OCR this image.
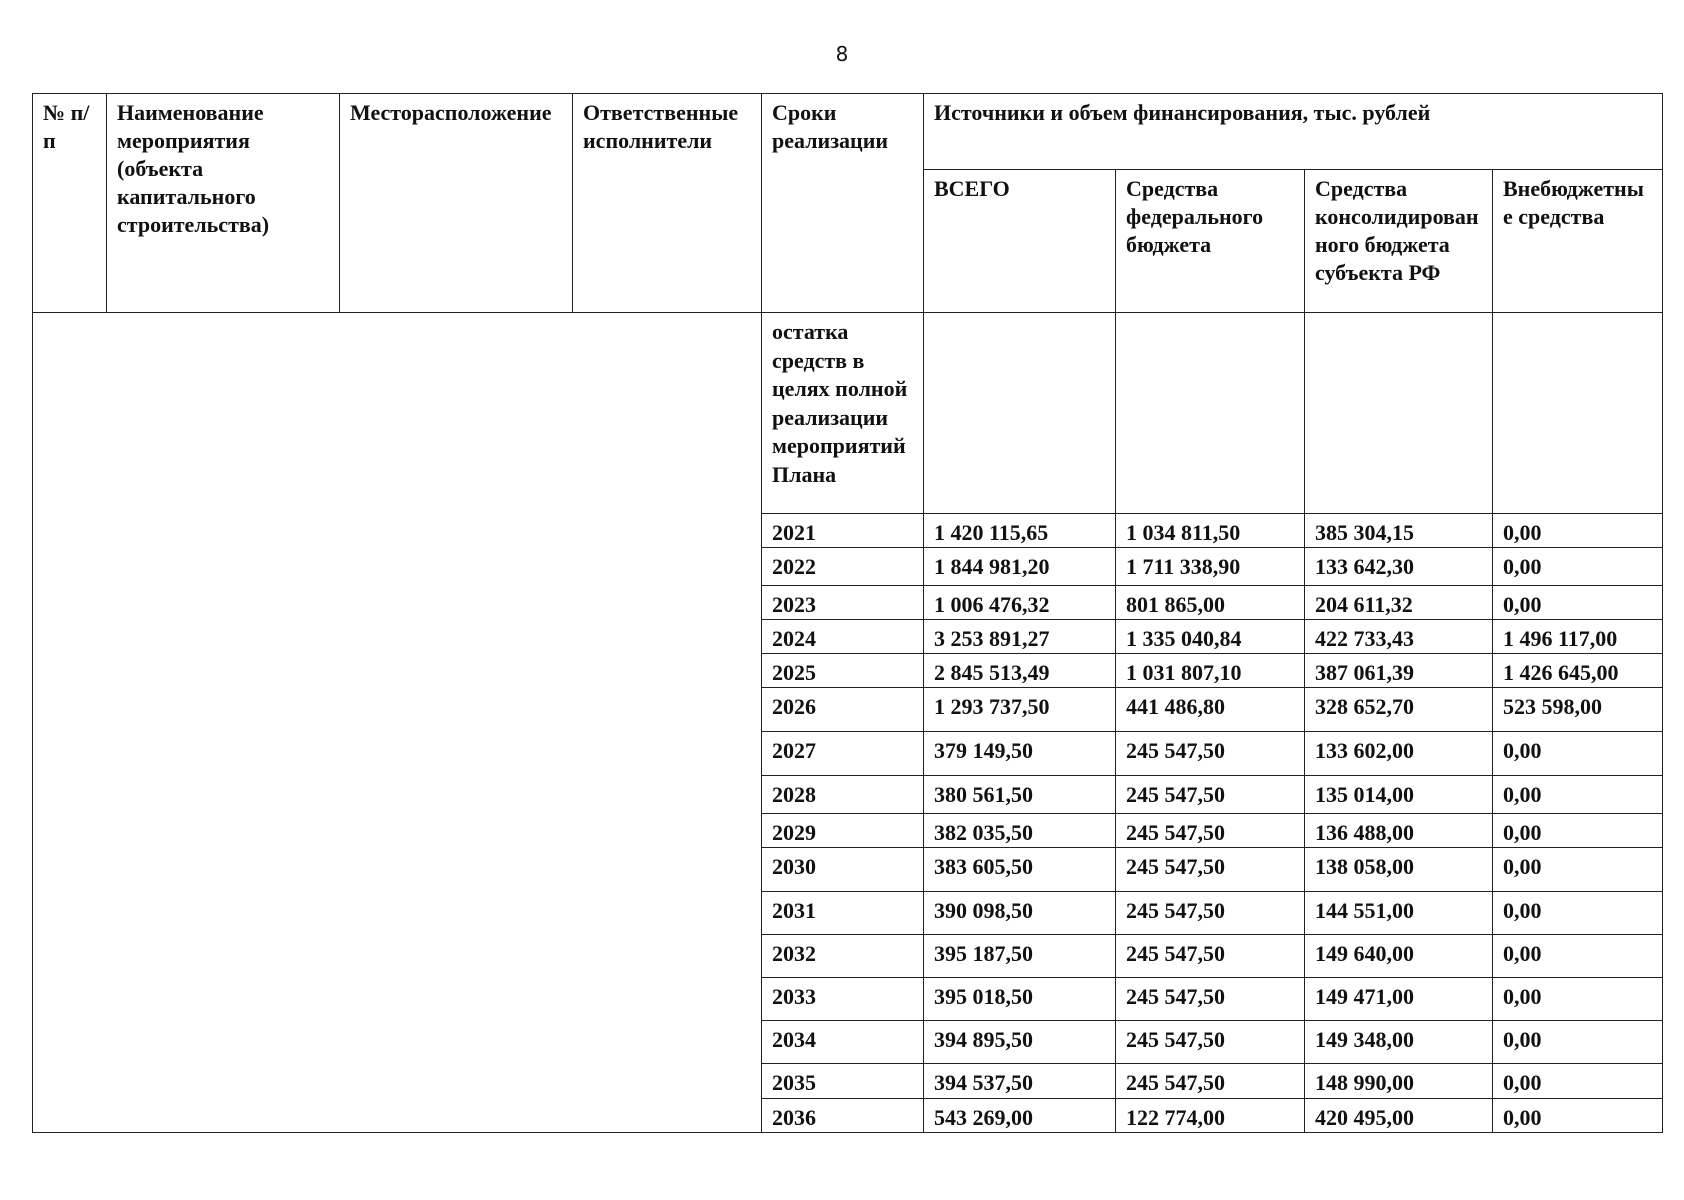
8
№ п/п	Наименование мероприятия (объекта капитального строительства)	Месторасположение	Ответственные исполнители	Сроки реализации	Источники и объем финансирования, тыс. рублей			
					ВСЕГО	Средства федерального бюджета	Средства консолидированного бюджета субъекта РФ	Внебюджетные средства
				остатка средств в целях полной реализации мероприятий Плана				
				2021	1 420 115,65	1 034 811,50	385 304,15	0,00
				2022	1 844 981,20	1 711 338,90	133 642,30	0,00
				2023	1 006 476,32	801 865,00	204 611,32	0,00
				2024	3 253 891,27	1 335 040,84	422 733,43	1 496 117,00
				2025	2 845 513,49	1 031 807,10	387 061,39	1 426 645,00
				2026	1 293 737,50	441 486,80	328 652,70	523 598,00
				2027	379 149,50	245 547,50	133 602,00	0,00
				2028	380 561,50	245 547,50	135 014,00	0,00
				2029	382 035,50	245 547,50	136 488,00	0,00
				2030	383 605,50	245 547,50	138 058,00	0,00
				2031	390 098,50	245 547,50	144 551,00	0,00
				2032	395 187,50	245 547,50	149 640,00	0,00
				2033	395 018,50	245 547,50	149 471,00	0,00
				2034	394 895,50	245 547,50	149 348,00	0,00
				2035	394 537,50	245 547,50	148 990,00	0,00
				2036	543 269,00	122 774,00	420 495,00	0,00
